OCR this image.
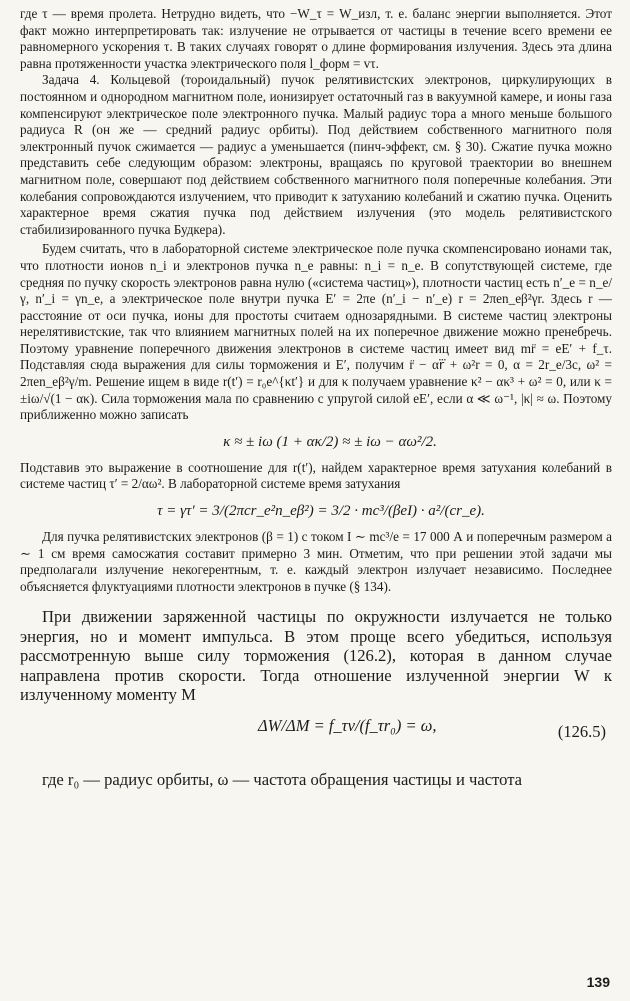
где τ — время пролета. Нетрудно видеть, что −W_τ = W_изл, т. е. баланс энергии выполняется. Этот факт можно интерпретировать так: излучение не отрывается от частицы в течение всего времени ее равномерного ускорения τ. В таких случаях говорят о длине формирования излучения. Здесь эта длина равна протяженности участка электрического поля l_форм = vτ.

Задача 4. Кольцевой (тороидальный) пучок релятивистских электронов, циркулирующих в постоянном и однородном магнитном поле, ионизирует остаточный газ в вакуумной камере, и ионы газа компенсируют электрическое поле электронного пучка. Малый радиус тора a много меньше большого радиуса R (он же — средний радиус орбиты). Под действием собственного магнитного поля электронный пучок сжимается — радиус a уменьшается (пинч-эффект, см. § 30). Сжатие пучка можно представить себе следующим образом: электроны, вращаясь по круговой траектории во внешнем магнитном поле, совершают под действием собственного магнитного поля поперечные колебания. Эти колебания сопровождаются излучением, что приводит к затуханию колебаний и сжатию пучка. Оценить характерное время сжатия пучка под действием излучения (это модель релятивистского стабилизированного пучка Будкера).

Будем считать, что в лабораторной системе электрическое поле пучка скомпенсировано ионами так, что плотности ионов n_i и электронов пучка n_e равны: n_i = n_e. В сопутствующей системе, где средняя по пучку скорость электронов равна нулю («система частиц»), плотности частиц есть n′_e = n_e/γ, n′_i = γn_e, а электрическое поле внутри пучка E′ = 2πe (n′_i − n′_e) r = 2πen_eβ²γr. Здесь r — расстояние от оси пучка, ионы для простоты считаем однозарядными. В системе частиц электроны нерелятивистские, так что влиянием магнитных полей на их поперечное движение можно пренебречь. Поэтому уравнение поперечного движения электронов в системе частиц имеет вид mr̈ = eE′ + f_τ. Подставляя сюда выражения для силы торможения и E′, получим r̈ − αr⃛ + ω²r = 0, α = 2r_e/3c, ω² = 2πen_eβ²γ/m. Решение ищем в виде r(t′) = r₀e^{κt′} и для κ получаем уравнение κ² − ακ³ + ω² = 0, или κ = ±iω/√(1 − ακ). Сила торможения мала по сравнению с упругой силой eE′, если α ≪ ω⁻¹, |κ| ≈ ω. Поэтому приближенно можно записать

κ ≈ ± iω (1 + ακ/2) ≈ ± iω − αω²/2.

Подставив это выражение в соотношение для r(t′), найдем характерное время затухания колебаний в системе частиц τ′ = 2/αω². В лабораторной системе время затухания

τ = γτ′ = 3/(2πcr_e²n_eβ²) = 3/2 · mc³/(βeI) · a²/(cr_e).

Для пучка релятивистских электронов (β = 1) с током I ∼ mc³/e = 17 000 А и поперечным размером a ∼ 1 см время самосжатия составит примерно 3 мин. Отметим, что при решении этой задачи мы предполагали излучение некогерентным, т. е. каждый электрон излучает независимо. Последнее объясняется флуктуациями плотности электронов в пучке (§ 134).

При движении заряженной частицы по окружности излучается не только энергия, но и момент импульса. В этом проще всего убедиться, используя рассмотренную выше силу торможения (126.2), которая в данном случае направлена против скорости. Тогда отношение излученной энергии W к излученному моменту M

ΔW/ΔM = f_τv/(f_τr₀) = ω,	(126.5)

где r₀ — радиус орбиты, ω — частота обращения частицы и частота

139
